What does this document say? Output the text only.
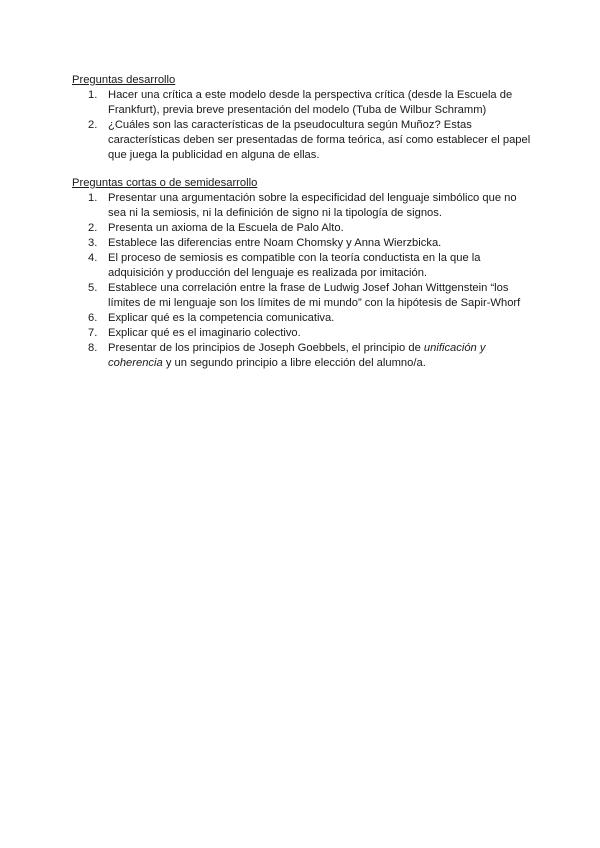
Preguntas desarrollo
1. Hacer una crítica a este modelo desde la perspectiva crítica (desde la Escuela de Frankfurt), previa breve presentación del modelo (Tuba de Wilbur Schramm)
2. ¿Cuáles son las características de la pseudocultura según Muñoz? Estas características deben ser presentadas de forma teórica, así como establecer el papel que juega la publicidad en alguna de ellas.
Preguntas cortas o de semidesarrollo
1. Presentar una argumentación sobre la especificidad del lenguaje simbólico que no sea ni la semiosis, ni la definición de signo ni la tipología de signos.
2. Presenta un axioma de la Escuela de Palo Alto.
3. Establece las diferencias entre Noam Chomsky y Anna Wierzbicka.
4. El proceso de semiosis es compatible con la teoría conductista en la que la adquisición y producción del lenguaje es realizada por imitación.
5. Establece una correlación entre la frase de Ludwig Josef Johan Wittgenstein “los límites de mi lenguaje son los límites de mi mundo” con la hipótesis de Sapir-Whorf
6. Explicar qué es la competencia comunicativa.
7. Explicar qué es el imaginario colectivo.
8. Presentar de los principios de Joseph Goebbels, el principio de unificación y coherencia y un segundo principio a libre elección del alumno/a.
